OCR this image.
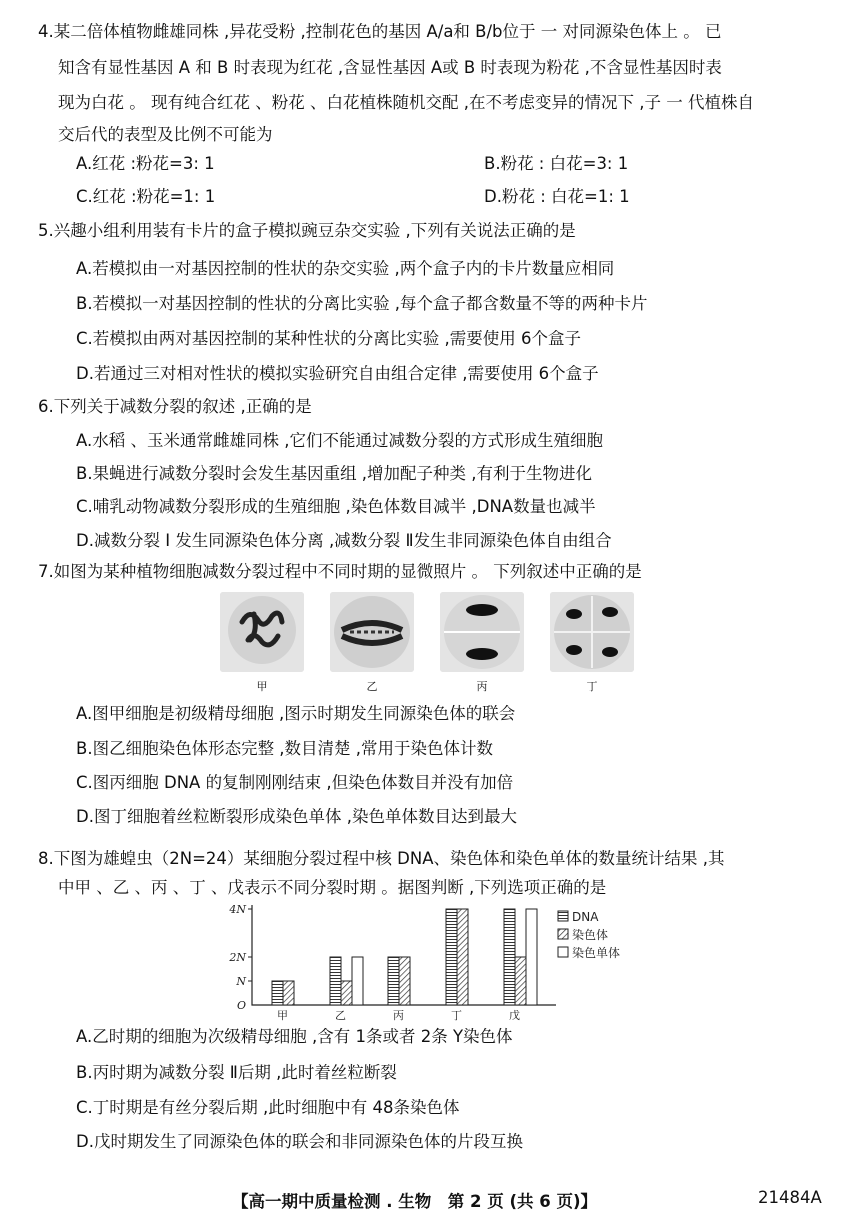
4.某二倍体植物雌雄同株 ,异花受粉 ,控制花色的基因 A/a和 B/b位于 一 对同源染色体上 。 已
知含有显性基因 A 和 B 时表现为红花 ,含显性基因 A或 B 时表现为粉花 ,不含显性基因时表
现为白花 。 现有纯合红花 、粉花 、白花植株随机交配 ,在不考虑变异的情况下 ,子 一 代植株自
交后代的表型及比例不可能为
A.红花 :粉花=3: 1	B.粉花 : 白花=3: 1
C.红花 :粉花=1: 1	D.粉花 : 白花=1: 1
5.兴趣小组利用装有卡片的盒子模拟豌豆杂交实验 ,下列有关说法正确的是
A.若模拟由一对基因控制的性状的杂交实验 ,两个盒子内的卡片数量应相同
B.若模拟一对基因控制的性状的分离比实验 ,每个盒子都含数量不等的两种卡片
C.若模拟由两对基因控制的某种性状的分离比实验 ,需要使用 6个盒子
D.若通过三对相对性状的模拟实验研究自由组合定律 ,需要使用 6个盒子
6.下列关于减数分裂的叙述 ,正确的是
A.水稻 、玉米通常雌雄同株 ,它们不能通过减数分裂的方式形成生殖细胞
B.果蝇进行减数分裂时会发生基因重组 ,增加配子种类 ,有利于生物进化
C.哺乳动物减数分裂形成的生殖细胞 ,染色体数目减半 ,DNA数量也减半
D.减数分裂 Ⅰ 发生同源染色体分离 ,减数分裂 Ⅱ发生非同源染色体自由组合
7.如图为某种植物细胞减数分裂过程中不同时期的显微照片 。 下列叙述中正确的是
甲	乙	丙	丁
A.图甲细胞是初级精母细胞 ,图示时期发生同源染色体的联会
B.图乙细胞染色体形态完整 ,数目清楚 ,常用于染色体计数
C.图丙细胞 DNA 的复制刚刚结束 ,但染色体数目并没有加倍
D.图丁细胞着丝粒断裂形成染色单体 ,染色单体数目达到最大
8.下图为雄蝗虫（2N=24）某细胞分裂过程中核 DNA、染色体和染色单体的数量统计结果 ,其
中甲 、乙 、丙 、丁 、戊表示不同分裂时期 。据图判断 ,下列选项正确的是
4N
2N
N
O
甲	乙	丙	丁	戊
DNA
染色体
染色单体
A.乙时期的细胞为次级精母细胞 ,含有 1条或者 2条 Y染色体
B.丙时期为减数分裂 Ⅱ后期 ,此时着丝粒断裂
C.丁时期是有丝分裂后期 ,此时细胞中有 48条染色体
D.戊时期发生了同源染色体的联会和非同源染色体的片段互换
【高一期中质量检测 . 生物　第 2 页 (共 6 页)】	21484A
